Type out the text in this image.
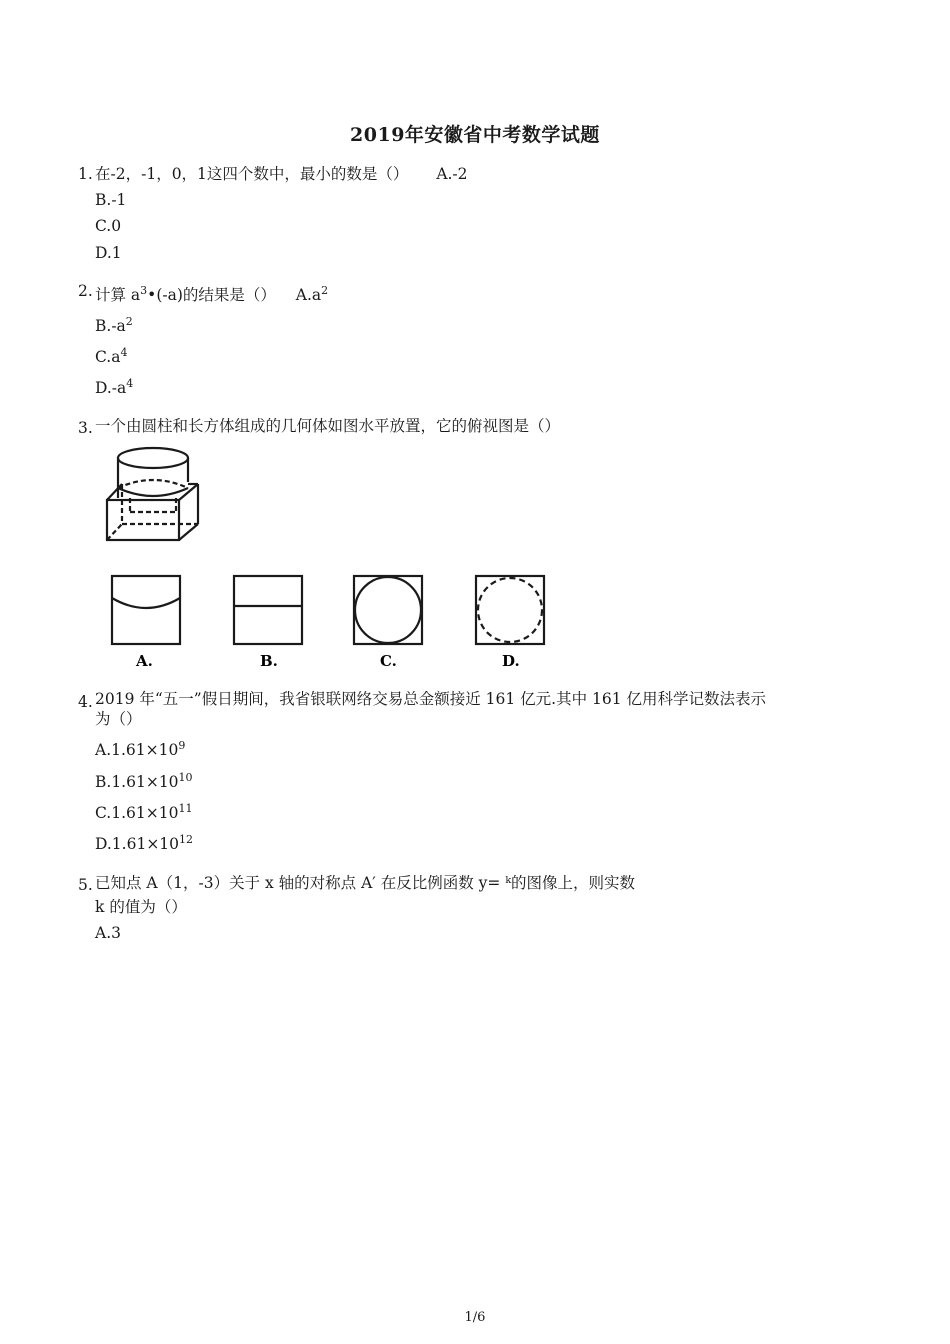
2019年安徽省中考数学试题
1. 在-2，-1，0，1这四个数中，最小的数是（） A.-2
B.-1
C.0
D.1
2. 计算 $a^3•(-a)$的结果是（） $A.a^2$
$B.-a^2$
$C.a^4$
$D.-a^4$
3. 一个由圆柱和长方体组成的几何体如图水平放置，它的俯视图是（）
A.	B.	C.	D.
4. 2019 年“五一”假日期间，我省银联网络交易总金额接近 161 亿元.其中 161 亿用科学记数法表示
为（）
$A.1.61\times 10^9$
$B.1.61\times 10^{10}$
$C.1.61\times 10^{11}$
$D.1.61\times 10^{12}$
5. 已知点 A（1，-3）关于 x 轴的对称点 A′ 在反比例函数 y= ᵏ的图像上，则实数
k 的值为（）
A.3
1/6
